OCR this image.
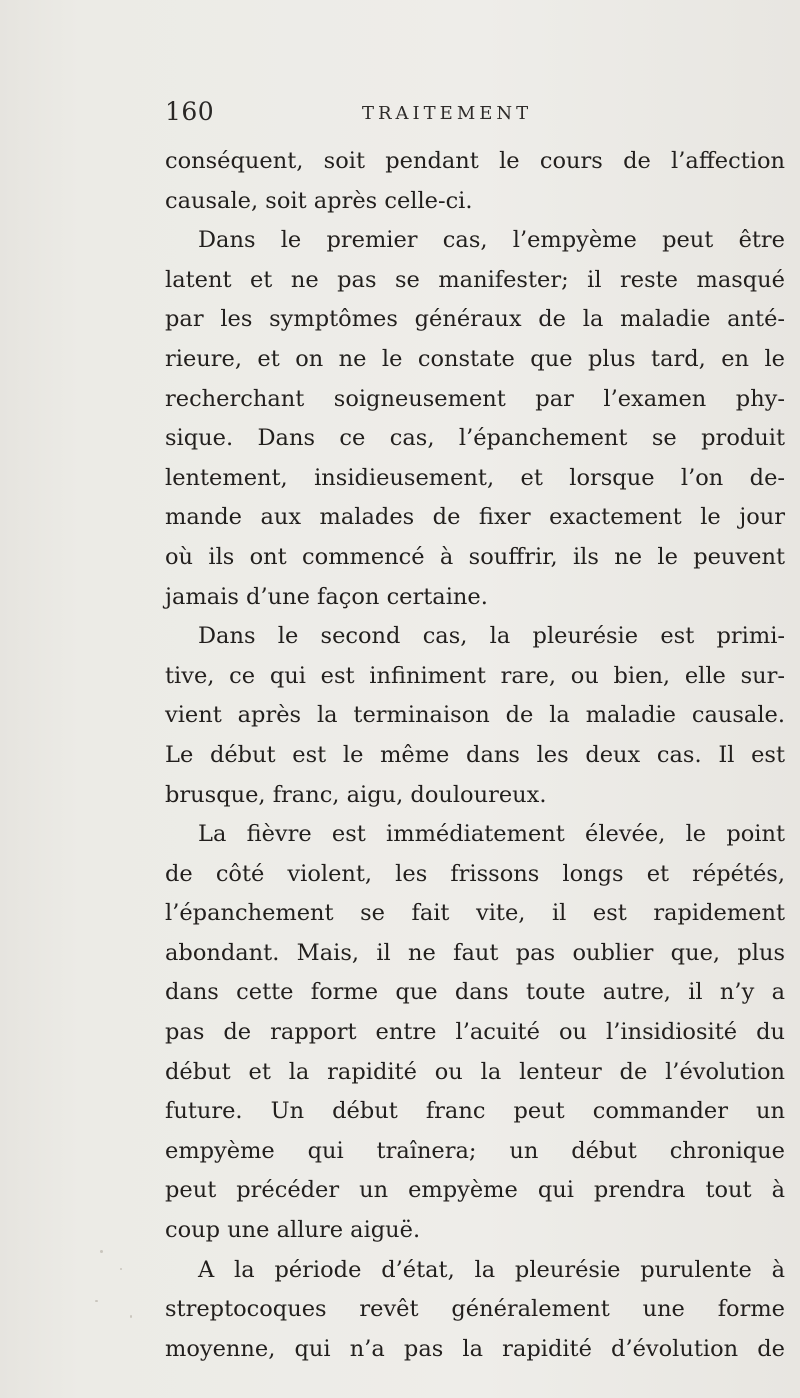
160	TRAITEMENT
conséquent, soit pendant le cours de l’affection
causale, soit après celle-ci.
Dans le premier cas, l’empyème peut être
latent et ne pas se manifester; il reste masqué
par les symptômes généraux de la maladie anté-
rieure, et on ne le constate que plus tard, en le
recherchant soigneusement par l’examen phy-
sique. Dans ce cas, l’épanchement se produit
lentement, insidieusement, et lorsque l’on de-
mande aux malades de fixer exactement le jour
où ils ont commencé à souffrir, ils ne le peuvent
jamais d’une façon certaine.
Dans le second cas, la pleurésie est primi-
tive, ce qui est infiniment rare, ou bien, elle sur-
vient après la terminaison de la maladie causale.
Le début est le même dans les deux cas. Il est
brusque, franc, aigu, douloureux.
La fièvre est immédiatement élevée, le point
de côté violent, les frissons longs et répétés,
l’épanchement se fait vite, il est rapidement
abondant. Mais, il ne faut pas oublier que, plus
dans cette forme que dans toute autre, il n’y a
pas de rapport entre l’acuité ou l’insidiosité du
début et la rapidité ou la lenteur de l’évolution
future. Un début franc peut commander un
empyème qui traînera; un début chronique
peut précéder un empyème qui prendra tout à
coup une allure aiguë.
A la période d’état, la pleurésie purulente à
streptocoques revêt généralement une forme
moyenne, qui n’a pas la rapidité d’évolution de
